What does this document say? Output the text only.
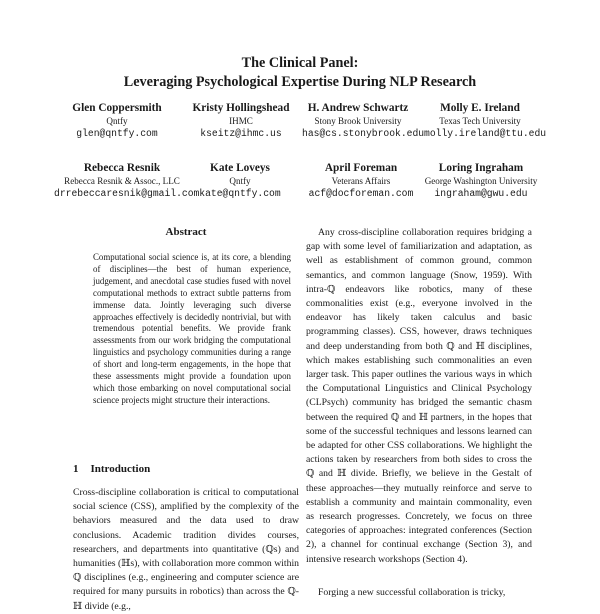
The Clinical Panel:
Leveraging Psychological Expertise During NLP Research
Glen Coppersmith
Qntfy
glen@qntfy.com
Kristy Hollingshead
IHMC
kseitz@ihmc.us
H. Andrew Schwartz
Stony Brook University
has@cs.stonybrook.edu
Molly E. Ireland
Texas Tech University
molly.ireland@ttu.edu
Rebecca Resnik
Rebecca Resnik & Assoc., LLC
drrebeccaresnik@gmail.com
Kate Loveys
Qntfy
kate@qntfy.com
April Foreman
Veterans Affairs
acf@docforeman.com
Loring Ingraham
George Washington University
ingraham@gwu.edu
Abstract
Computational social science is, at its core, a blending of disciplines—the best of human experience, judgement, and anecdotal case studies fused with novel computational methods to extract subtle patterns from immense data. Jointly leveraging such diverse approaches effectively is decidedly nontrivial, but with tremendous potential benefits. We provide frank assessments from our work bridging the computational linguistics and psychology communities during a range of short and long-term engagements, in the hope that these assessments might provide a foundation upon which those embarking on novel computational social science projects might structure their interactions.
1 Introduction

Cross-discipline collaboration is critical to computational social science (CSS), amplified by the complexity of the behaviors measured and the data used to draw conclusions. Academic tradition divides courses, researchers, and departments into quantitative (ℚs) and humanities (ℍs), with collaboration more common within ℚ disciplines (e.g., engineering and computer science are required for many pursuits in robotics) than across the ℚ-ℍ divide (e.g.,

Any cross-discipline collaboration requires bridging a gap with some level of familiarization and adaptation, as well as establishment of common ground, common semantics, and common language (Snow, 1959). With intra-ℚ endeavors like robotics, many of these commonalities exist (e.g., everyone involved in the endeavor has likely taken calculus and basic programming classes). CSS, however, draws techniques and deep understanding from both ℚ and ℍ disciplines, which makes establishing such commonalities an even larger task. This paper outlines the various ways in which the Computational Linguistics and Clinical Psychology (CLPsych) community has bridged the semantic chasm between the required ℚ and ℍ partners, in the hopes that some of the successful techniques and lessons learned can be adapted for other CSS collaborations. We highlight the actions taken by researchers from both sides to cross the ℚ and ℍ divide. Briefly, we believe in the Gestalt of these approaches—they mutually reinforce and serve to establish a community and maintain commonality, even as research progresses. Concretely, we focus on three categories of approaches: integrated conferences (Section 2), a channel for continual exchange (Section 3), and intensive research workshops (Section 4).

Forging a new successful collaboration is tricky,
